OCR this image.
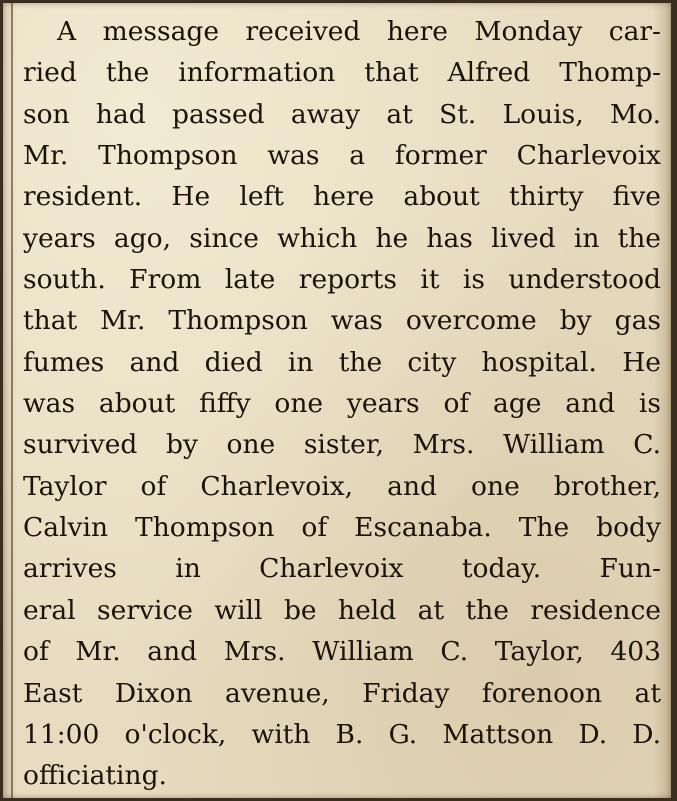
A message received here Monday car-
ried the information that Alfred Thomp-
son had passed away at St. Louis, Mo.
Mr. Thompson was a former Charlevoix
resident. He left here about thirty five
years ago, since which he has lived in the
south. From late reports it is understood
that Mr. Thompson was overcome by gas
fumes and died in the city hospital. He
was about fiffy one years of age and is
survived by one sister, Mrs. William C.
Taylor of Charlevoix, and one brother,
Calvin Thompson of Escanaba. The body
arrives in Charlevoix today. Fun-
eral service will be held at the residence
of Mr. and Mrs. William C. Taylor, 403
East Dixon avenue, Friday forenoon at
11:00 o'clock, with B. G. Mattson D. D.
officiating.
